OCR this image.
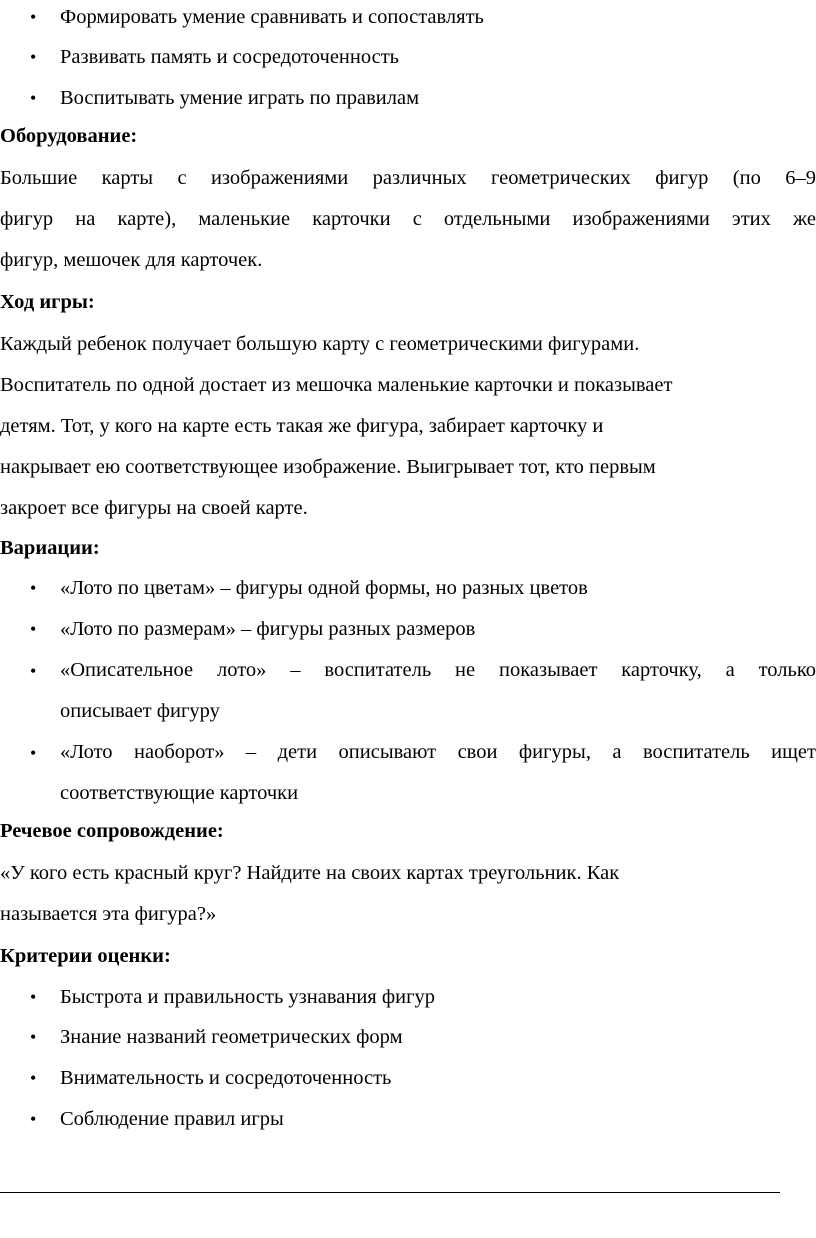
• Формировать умение сравнивать и сопоставлять
• Развивать память и сосредоточенность
• Воспитывать умение играть по правилам
Оборудование:
Большие карты с изображениями различных геометрических фигур (по 6–9
фигур на карте), маленькие карточки с отдельными изображениями этих же
фигур, мешочек для карточек.
Ход игры:
Каждый ребенок получает большую карту с геометрическими фигурами.
Воспитатель по одной достает из мешочка маленькие карточки и показывает
детям. Тот, у кого на карте есть такая же фигура, забирает карточку и
накрывает ею соответствующее изображение. Выигрывает тот, кто первым
закроет все фигуры на своей карте.
Вариации:
• «Лото по цветам» – фигуры одной формы, но разных цветов
• «Лото по размерам» – фигуры разных размеров
• «Описательное лото» – воспитатель не показывает карточку, а только
описывает фигуру
• «Лото наоборот» – дети описывают свои фигуры, а воспитатель ищет
соответствующие карточки
Речевое сопровождение:
«У кого есть красный круг? Найдите на своих картах треугольник. Как
называется эта фигура?»
Критерии оценки:
• Быстрота и правильность узнавания фигур
• Знание названий геометрических форм
• Внимательность и сосредоточенность
• Соблюдение правил игры
